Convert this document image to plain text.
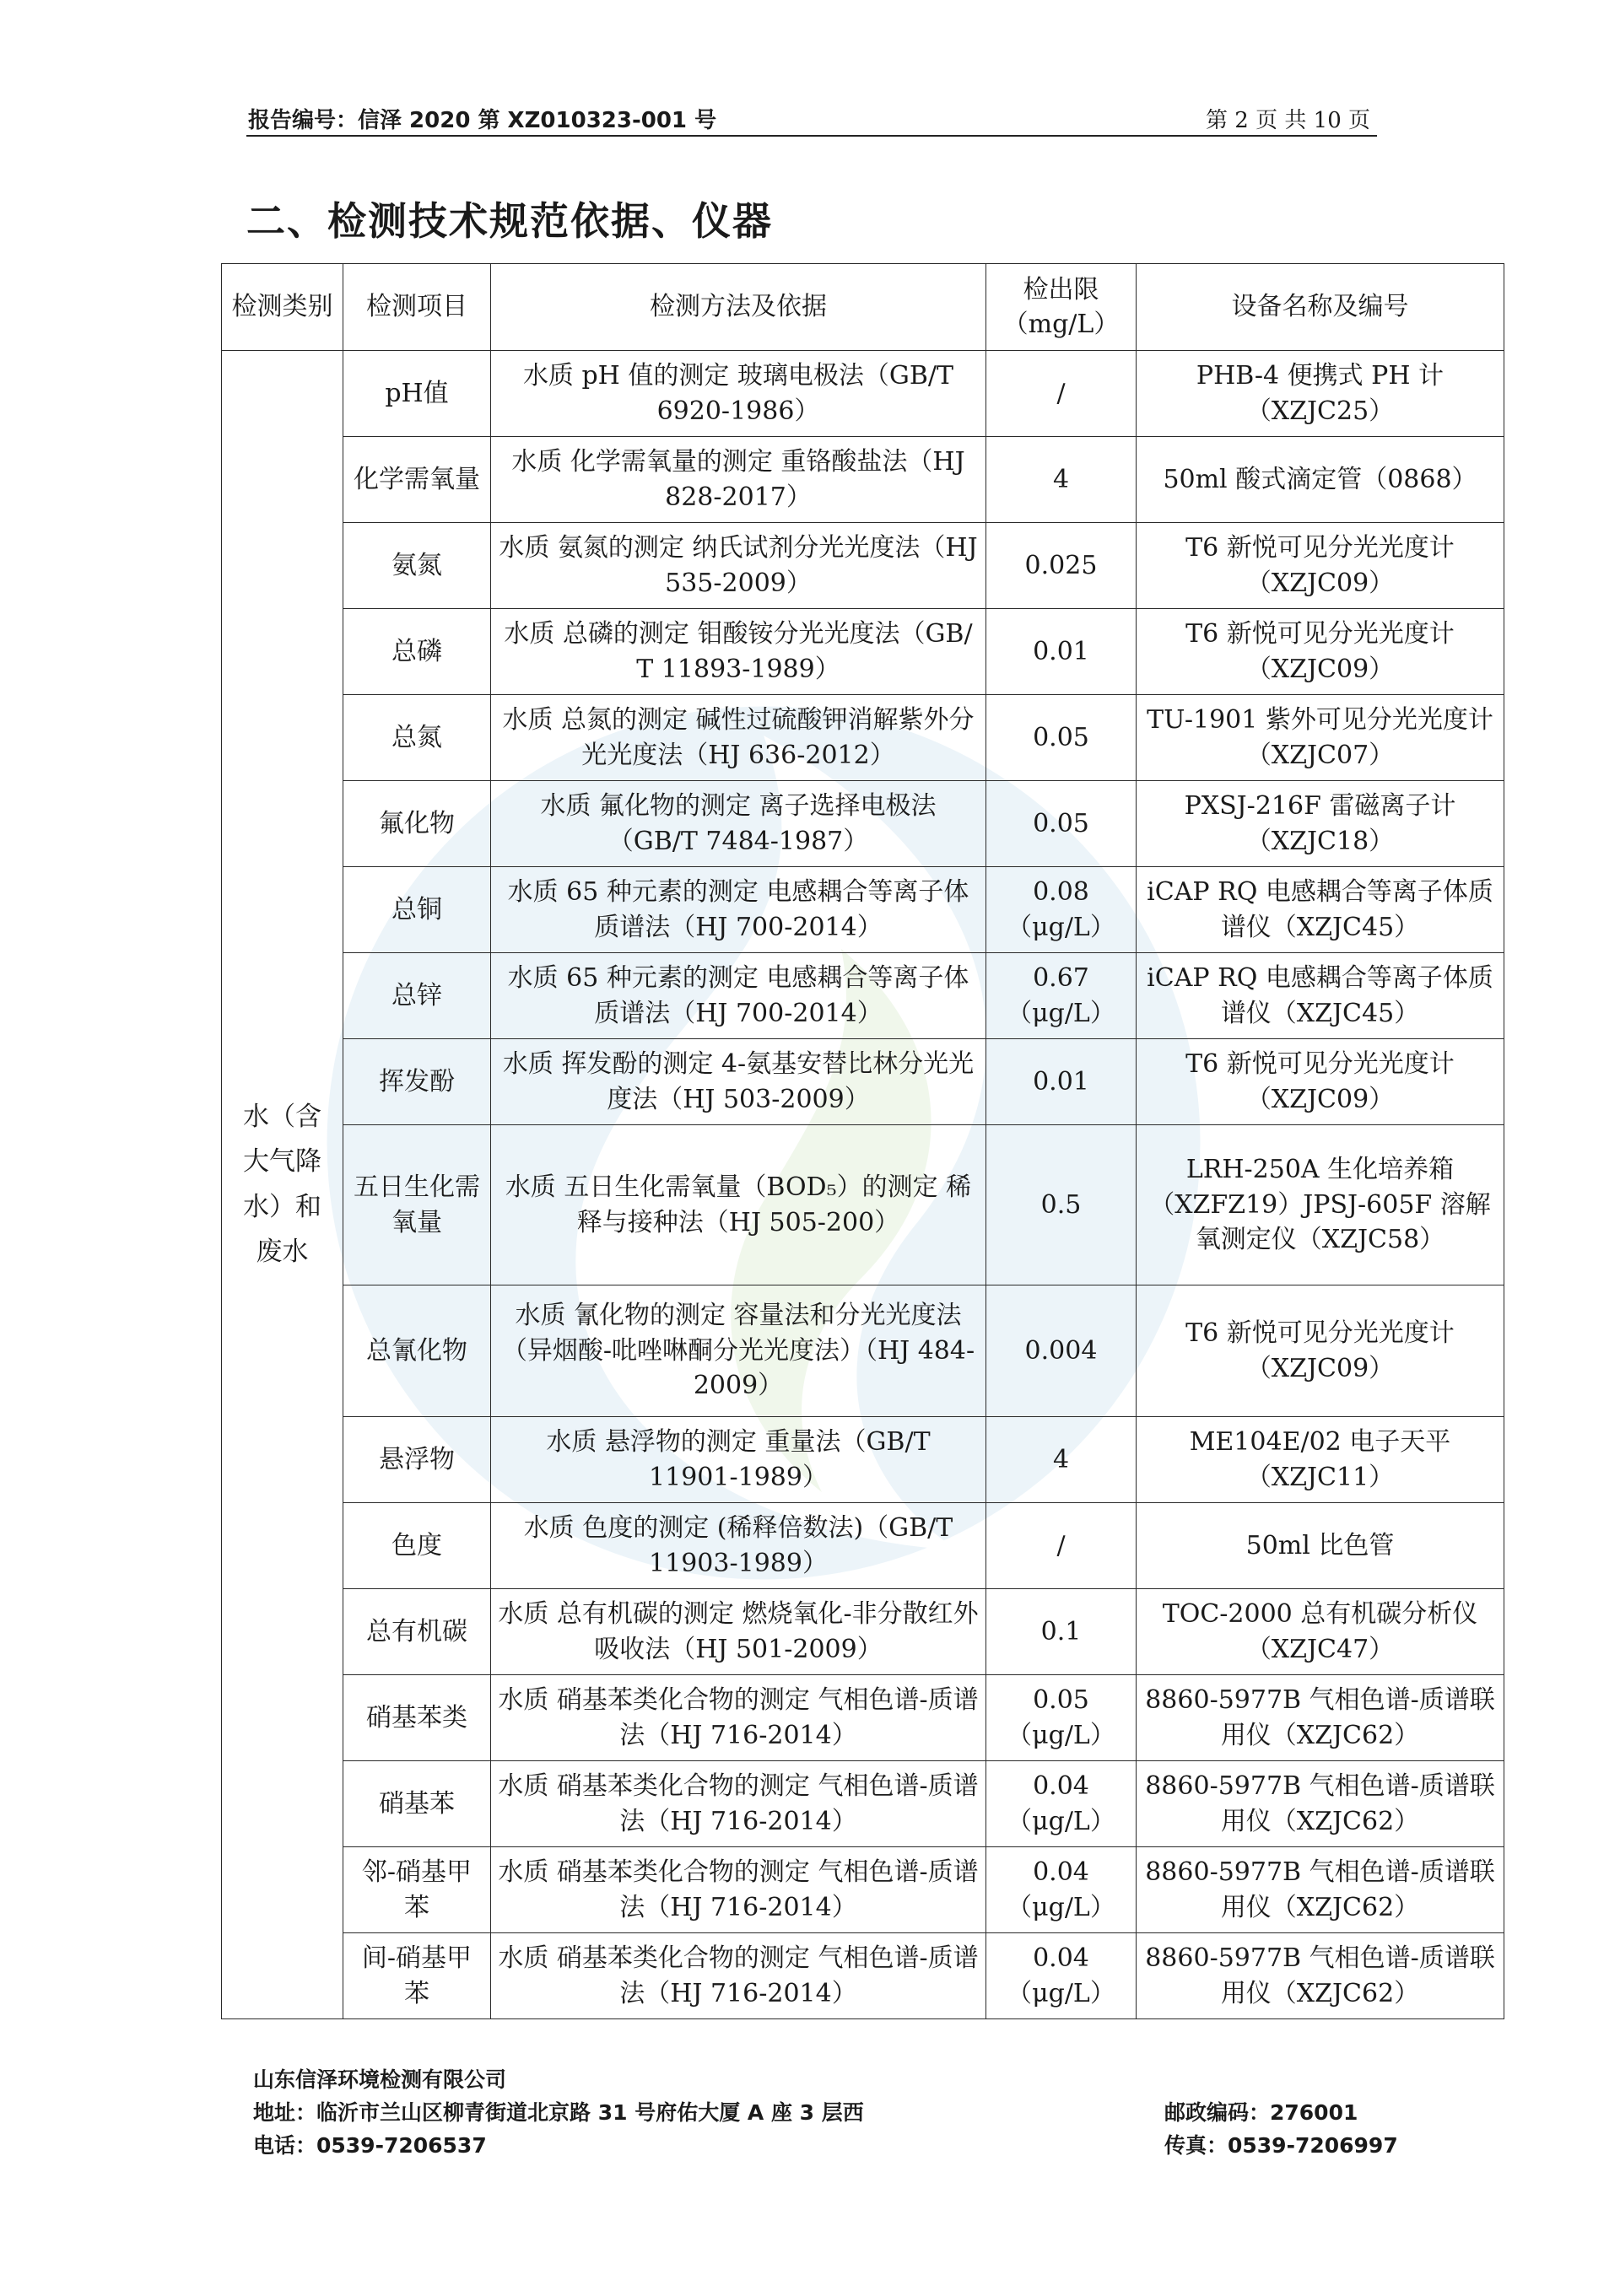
报告编号：信泽 2020 第 XZ010323-001 号	第 2 页 共 10 页
二、检测技术规范依据、仪器
检测类别	检测项目	检测方法及依据	检出限（mg/L）	设备名称及编号
水（含大气降水）和废水	pH值	水质 pH 值的测定 玻璃电极法（GB/T 6920-1986）	/	PHB-4 便携式 PH 计（XZJC25）
	化学需氧量	水质 化学需氧量的测定 重铬酸盐法（HJ 828-2017）	4	50ml 酸式滴定管（0868）
	氨氮	水质 氨氮的测定 纳氏试剂分光光度法（HJ 535-2009）	0.025	T6 新悦可见分光光度计（XZJC09）
	总磷	水质 总磷的测定 钼酸铵分光光度法（GB/ T 11893-1989）	0.01	T6 新悦可见分光光度计（XZJC09）
	总氮	水质 总氮的测定 碱性过硫酸钾消解紫外分光光度法（HJ 636-2012）	0.05	TU-1901 紫外可见分光光度计（XZJC07）
	氟化物	水质 氟化物的测定 离子选择电极法（GB/T 7484-1987）	0.05	PXSJ-216F 雷磁离子计（XZJC18）
	总铜	水质 65 种元素的测定 电感耦合等离子体质谱法（HJ 700-2014）	0.08（μg/L）	iCAP RQ 电感耦合等离子体质谱仪（XZJC45）
	总锌	水质 65 种元素的测定 电感耦合等离子体质谱法（HJ 700-2014）	0.67（μg/L）	iCAP RQ 电感耦合等离子体质谱仪（XZJC45）
	挥发酚	水质 挥发酚的测定 4-氨基安替比林分光光度法（HJ 503-2009）	0.01	T6 新悦可见分光光度计（XZJC09）
	五日生化需氧量	水质 五日生化需氧量（BOD₅）的测定 稀释与接种法（HJ 505-200）	0.5	LRH-250A 生化培养箱（XZFZ19）JPSJ-605F 溶解氧测定仪（XZJC58）
	总氰化物	水质 氰化物的测定 容量法和分光光度法（异烟酸-吡唑啉酮分光光度法）（HJ 484-2009）	0.004	T6 新悦可见分光光度计（XZJC09）
	悬浮物	水质 悬浮物的测定 重量法（GB/T 11901-1989）	4	ME104E/02 电子天平（XZJC11）
	色度	水质 色度的测定 (稀释倍数法)（GB/T 11903-1989）	/	50ml 比色管
	总有机碳	水质 总有机碳的测定 燃烧氧化-非分散红外吸收法（HJ 501-2009）	0.1	TOC-2000 总有机碳分析仪（XZJC47）
	硝基苯类	水质 硝基苯类化合物的测定 气相色谱-质谱法（HJ 716-2014）	0.05（μg/L）	8860-5977B 气相色谱-质谱联用仪（XZJC62）
	硝基苯	水质 硝基苯类化合物的测定 气相色谱-质谱法（HJ 716-2014）	0.04（μg/L）	8860-5977B 气相色谱-质谱联用仪（XZJC62）
	邻-硝基甲苯	水质 硝基苯类化合物的测定 气相色谱-质谱法（HJ 716-2014）	0.04（μg/L）	8860-5977B 气相色谱-质谱联用仪（XZJC62）
	间-硝基甲苯	水质 硝基苯类化合物的测定 气相色谱-质谱法（HJ 716-2014）	0.04（μg/L）	8860-5977B 气相色谱-质谱联用仪（XZJC62）
山东信泽环境检测有限公司
地址：临沂市兰山区柳青街道北京路 31 号府佑大厦 A 座 3 层西	邮政编码：276001
电话：0539-7206537	传真：0539-7206997
